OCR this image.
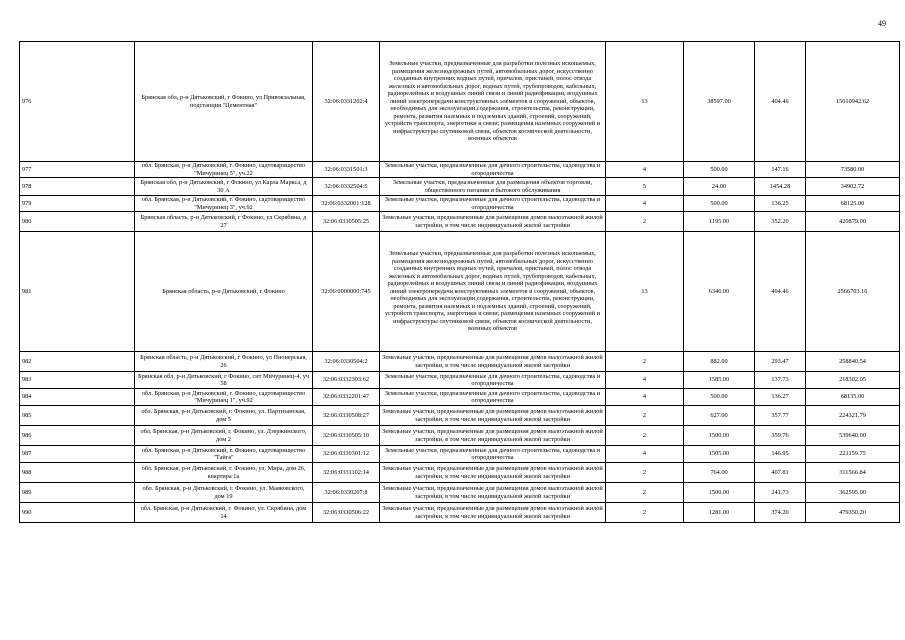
49
976	Брянская обл, р-н Дятьковский, г Фокино, ул Привокзальная, подстанция "Цементная"	32:06:0331202:4	Земельные участки, предназначенные для разработки полезных ископаемых, размещения железнодорожных путей, автомобильных дорог, искусственно созданных внутренних водных путей, причалов, пристаней, полос отвода железных и автомобильных дорог, водных путей, трубопроводов, кабельных, радиорелейных и воздушных линий связи и линий радиофикации, воздушных линий электропередачи конструктивных элементов и сооружений, объектов, необходимых для эксплуатации,содержания, строительства, реконструкции, ремонта, развития наземных и подземных зданий, строений, сооружений, устройств транспорта, энергетики и связи; размещения наземных сооружений и инфраструктуры спутниковой связи, объектов космической деятельности, военных объектов	13	38597.00	404.46	15610942.62
977	обл. Брянская, р-н Дятьковский, г. Фокино, садтоварищество "Мичуринец 5", уч.22	32:06:0331501:3	Земельные участки, предназначенные для дачного строительства, садоводства и огородничества	4	500.00	147.16	73580.00
978	Брянская обл, р-н Дятьковский, г Фокино, ул Карла Маркса, д 30 А	32:06:0332504:5	Земельные участки, предназначенные для размещения объектов торговли, общественного питания и бытового обслуживания	5	24.00	1454.28	34902.72
979	обл. Брянская, р-н Дятьковский, г. Фокино, садтоварищество "Мичуринец 3", уч.92	32:06:0332001:128	Земельные участки, предназначенные для дачного строительства, садоводства и огородничества	4	500.00	136.25	68125.00
980	Брянская область, р-н Дятьковский, г Фокино, ул Скрябина, д 27	32:06:0330505:25	Земельные участки, предназначенные для размещения домов малоэтажной жилой застройки, в том числе индивидуальной жилой застройки	2	1195.00	352.20	420879.00
981	Брянская область, р-н Дятьковский, г Фокино	32:06:0000000:745	Земельные участки, предназначенные для разработки полезных ископаемых, размещения железнодорожных путей, автомобильных дорог, искусственно созданных внутренних водных путей, причалов, пристаней, полос отвода железных и автомобильных дорог, водных путей, трубопроводов, кабельных, радиорелейных и воздушных линий связи и линий радиофикации, воздушных линий электропередачи конструктивных элементов и сооружений, объектов, необходимых для эксплуатации,содержания, строительства, реконструкции, ремонта, развития наземных и подземных зданий, строений, сооружений, устройств транспорта, энергетики и связи; размещения наземных сооружений и инфраструктуры спутниковой связи, объектов космической деятельности, военных объектов	13	6346.00	404.46	2566703.16
982	Брянская область, р-н Дятьковский, г Фокино, ул Пионерская, 26	32:06:0330504:2	Земельные участки, предназначенные для размещения домов малоэтажной жилой застройки, в том числе индивидуальной жилой застройки	2	882.00	293.47	258840.54
983	Брянская обл, р-н Дятьковский, г Фокино, снт Мичуринец-4, уч 58	32:06:0332303:62	Земельные участки, предназначенные для дачного строительства, садоводства и огородничества	4	1585.00	137.73	218302.05
984	обл. Брянская, р-н Дятьковский, г. Фокино, садтоварищество "Мичуринец 1", уч.92	32:06:0332201:47	Земельные участки, предназначенные для дачного строительства, садоводства и огородничества	4	500.00	136.27	68135.00
985	обл. Брянская, р-н Дятьковский, г. Фокино, ул. Партизанская, дом 5	32:06:0330508:27	Земельные участки, предназначенные для размещения домов малоэтажной жилой застройки, в том числе индивидуальной жилой застройки	2	627.00	357.77	224321.79
986	обл. Брянская, р-н Дятьковский, г. Фокино, ул. Дзержинского, дом 2	32:06:0330505:10	Земельные участки, предназначенные для размещения домов малоэтажной жилой застройки, в том числе индивидуальной жилой застройки	2	1500.00	359.76	539640.00
987	обл. Брянская, р-н Дятьковский, г. Фокино, садтоварищество "Тайга"	32:06:0330301:12	Земельные участки, предназначенные для дачного строительства, садоводства и огородничества	4	1505.00	146.95	221159.75
988	обл. Брянская, р-н Дятьковский, г. Фокино, ул. Мира, дом 26, квартира 1а	32:06:0331102:14	Земельные участки, предназначенные для размещения домов малоэтажной жилой застройки, в том числе индивидуальной жилой застройки	2	764.00	407.81	311566.84
989	обл. Брянская, р-н Дятьковский, г. Фокино, ул. Маяковского, дом 19	32:06:0330207:8	Земельные участки, предназначенные для размещения домов малоэтажной жилой застройки, в том числе индивидуальной жилой застройки	2	1500.00	241.73	362595.00
990	обл. Брянская, р-н Дятьковский, г. Фокино, ул. Скрябина, дом 14	32:06:0330506:22	Земельные участки, предназначенные для размещения домов малоэтажной жилой застройки, в том числе индивидуальной жилой застройки	2	1281.00	374.20	479350.20
